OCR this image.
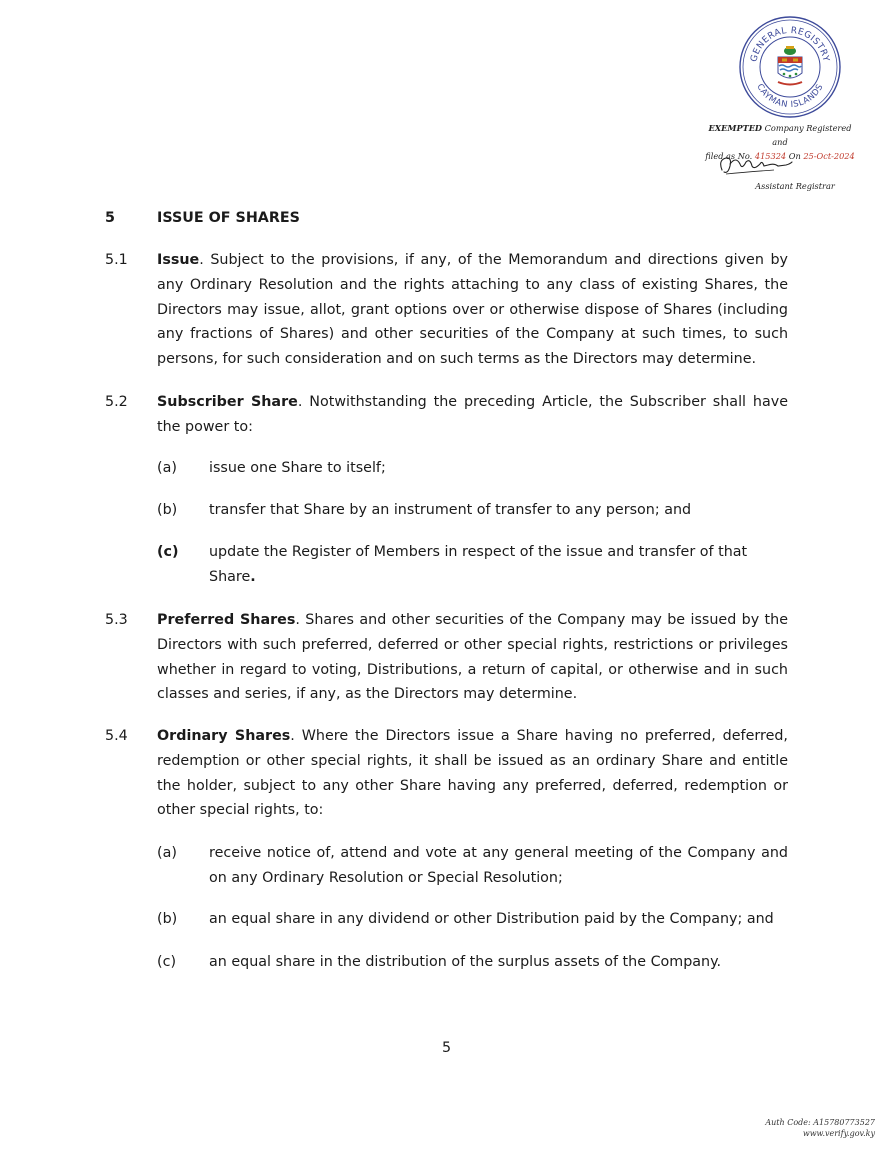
GENERAL REGISTRY
CAYMAN ISLANDS
EXEMPTED Company Registered and
filed as No. 415324 On 25-Oct-2024
Assistant Registrar
5	ISSUE OF SHARES
5.1 Issue. Subject to the provisions, if any, of the Memorandum and directions given by any Ordinary Resolution and the rights attaching to any class of existing Shares, the Directors may issue, allot, grant options over or otherwise dispose of Shares (including any fractions of Shares) and other securities of the Company at such times, to such persons, for such consideration and on such terms as the Directors may determine.
5.2 Subscriber Share. Notwithstanding the preceding Article, the Subscriber shall have the power to:
(a) issue one Share to itself;
(b) transfer that Share by an instrument of transfer to any person; and
(c) update the Register of Members in respect of the issue and transfer of that Share.
5.3 Preferred Shares. Shares and other securities of the Company may be issued by the Directors with such preferred, deferred or other special rights, restrictions or privileges whether in regard to voting, Distributions, a return of capital, or otherwise and in such classes and series, if any, as the Directors may determine.
5.4 Ordinary Shares. Where the Directors issue a Share having no preferred, deferred, redemption or other special rights, it shall be issued as an ordinary Share and entitle the holder, subject to any other Share having any preferred, deferred, redemption or other special rights, to:
(a) receive notice of, attend and vote at any general meeting of the Company and on any Ordinary Resolution or Special Resolution;
(b) an equal share in any dividend or other Distribution paid by the Company; and
(c) an equal share in the distribution of the surplus assets of the Company.
5
Auth Code: A15780773527
www.verify.gov.ky
